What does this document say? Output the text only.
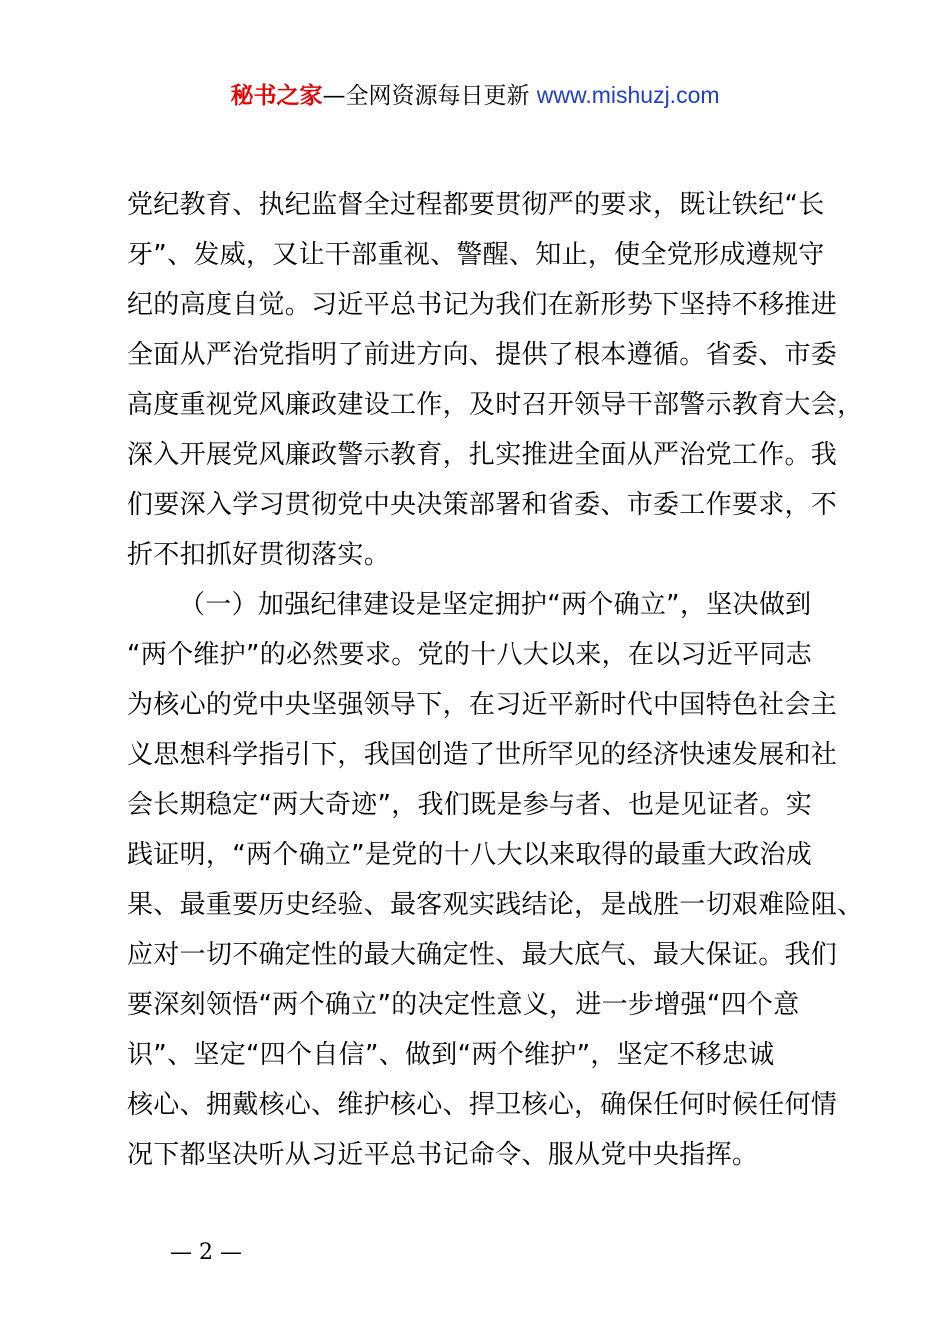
秘书之家—全网资源每日更新 www.mishuzj.com
党纪教育、执纪监督全过程都要贯彻严的要求，既让铁纪“长
牙”、发威，又让干部重视、警醒、知止，使全党形成遵规守
纪的高度自觉。习近平总书记为我们在新形势下坚持不移推进
全面从严治党指明了前进方向、提供了根本遵循。省委、市委
高度重视党风廉政建设工作，及时召开领导干部警示教育大会，
深入开展党风廉政警示教育，扎实推进全面从严治党工作。我
们要深入学习贯彻党中央决策部署和省委、市委工作要求，不
折不扣抓好贯彻落实。
（一）加强纪律建设是坚定拥护“两个确立”，坚决做到
“两个维护”的必然要求。党的十八大以来，在以习近平同志
为核心的党中央坚强领导下，在习近平新时代中国特色社会主
义思想科学指引下，我国创造了世所罕见的经济快速发展和社
会长期稳定“两大奇迹”，我们既是参与者、也是见证者。实
践证明，“两个确立”是党的十八大以来取得的最重大政治成
果、最重要历史经验、最客观实践结论，是战胜一切艰难险阻、
应对一切不确定性的最大确定性、最大底气、最大保证。我们
要深刻领悟“两个确立”的决定性意义，进一步增强“四个意
识”、坚定“四个自信”、做到“两个维护”，坚定不移忠诚
核心、拥戴核心、维护核心、捍卫核心，确保任何时候任何情
况下都坚决听从习近平总书记命令、服从党中央指挥。
— 2 —
